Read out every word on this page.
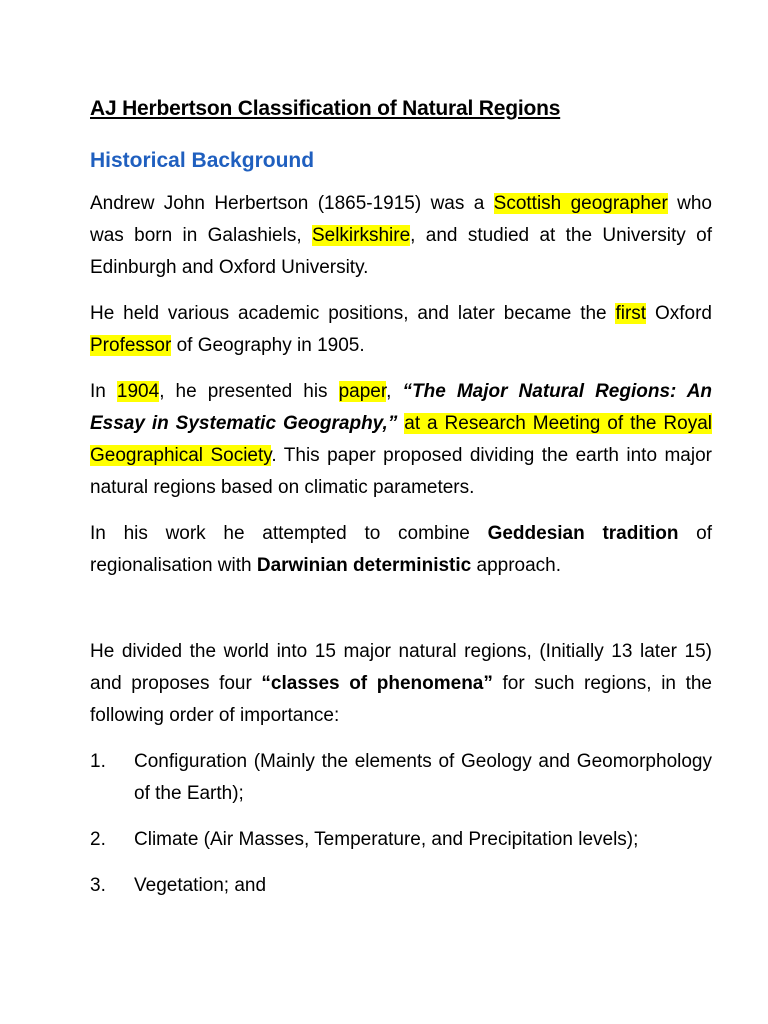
AJ Herbertson Classification of Natural Regions
Historical Background

Andrew John Herbertson (1865-1915) was a Scottish geographer who was born in Galashiels, Selkirkshire, and studied at the University of Edinburgh and Oxford University.

He held various academic positions, and later became the first Oxford Professor of Geography in 1905.

In 1904, he presented his paper, “The Major Natural Regions: An Essay in Systematic Geography,” at a Research Meeting of the Royal Geographical Society. This paper proposed dividing the earth into major natural regions based on climatic parameters.

In his work he attempted to combine Geddesian tradition of regionalisation with Darwinian deterministic approach.

He divided the world into 15 major natural regions, (Initially 13 later 15) and proposes four “classes of phenomena” for such regions, in the following order of importance:

1.	Configuration (Mainly the elements of Geology and Geomorphology of the Earth);
2.	Climate (Air Masses, Temperature, and Precipitation levels);
3.	Vegetation; and
